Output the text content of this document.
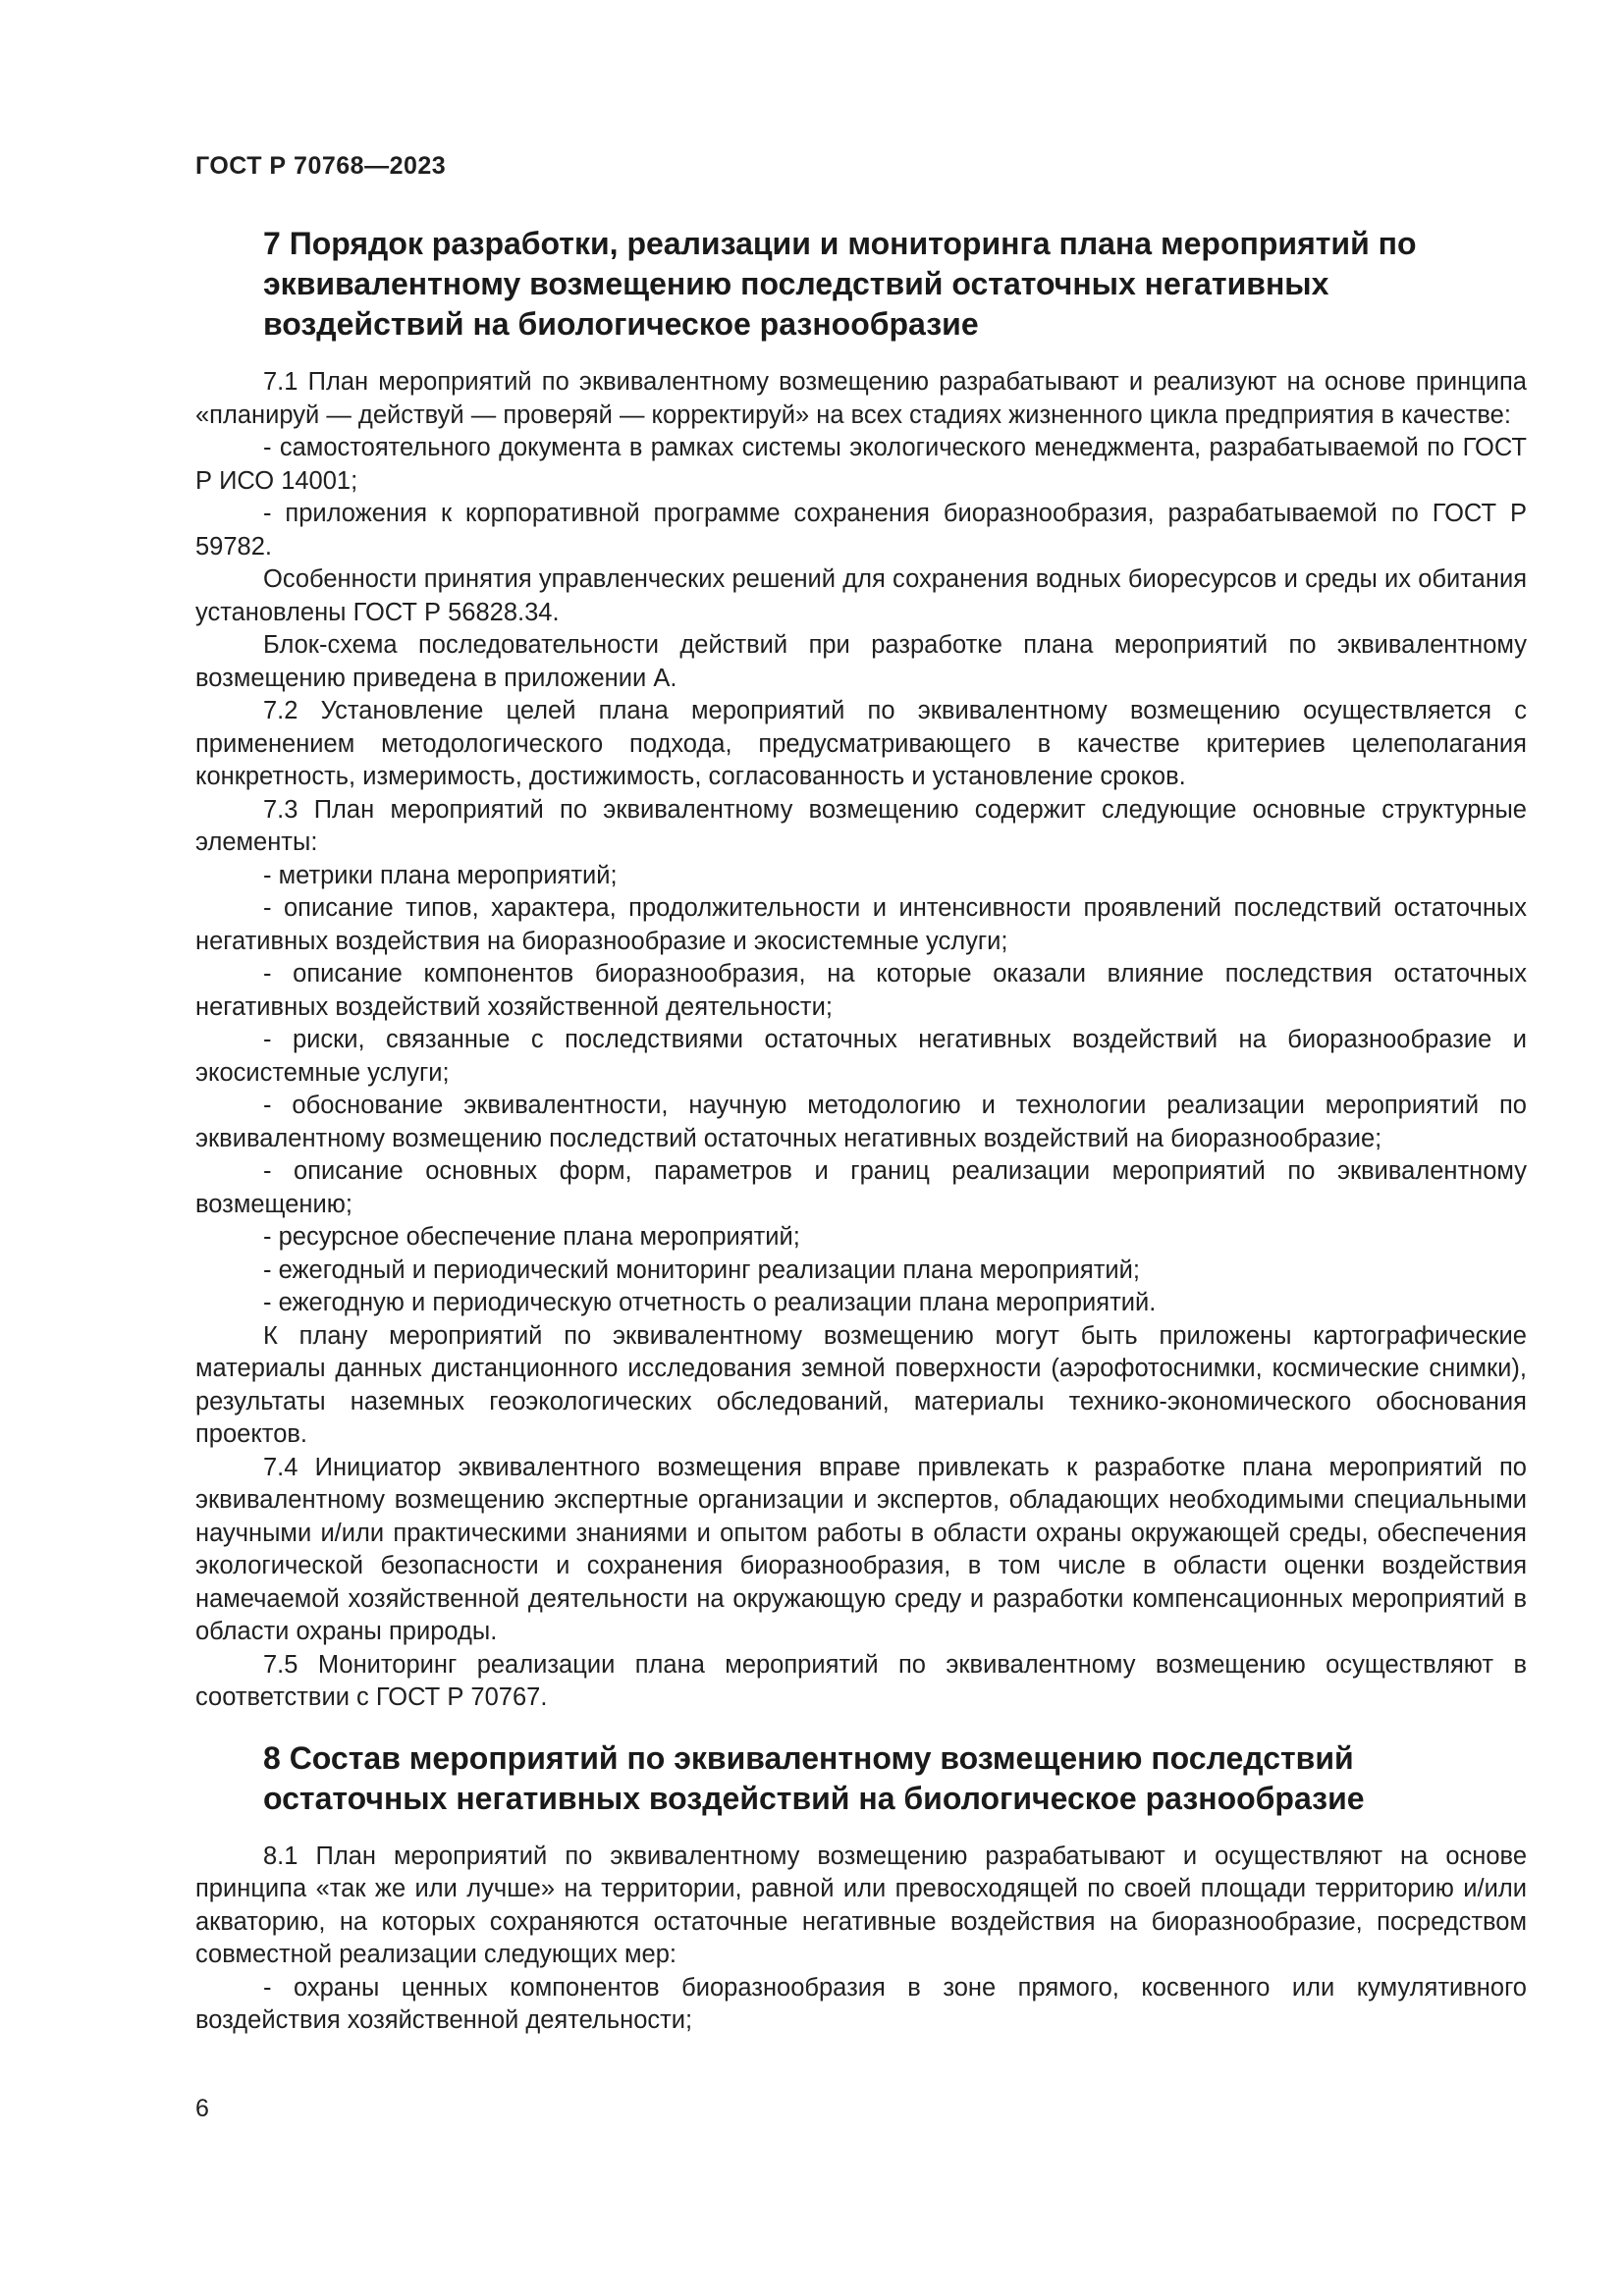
ГОСТ Р 70768—2023
7 Порядок разработки, реализации и мониторинга плана мероприятий по эквивалентному возмещению последствий остаточных негативных воздействий на биологическое разнообразие

7.1 План мероприятий по эквивалентному возмещению разрабатывают и реализуют на основе принципа «планируй — действуй — проверяй — корректируй» на всех стадиях жизненного цикла предприятия в качестве:

- самостоятельного документа в рамках системы экологического менеджмента, разрабатываемой по ГОСТ Р ИСО 14001;

- приложения к корпоративной программе сохранения биоразнообразия, разрабатываемой по ГОСТ Р 59782.

Особенности принятия управленческих решений для сохранения водных биоресурсов и среды их обитания установлены ГОСТ Р 56828.34.

Блок-схема последовательности действий при разработке плана мероприятий по эквивалентному возмещению приведена в приложении А.

7.2 Установление целей плана мероприятий по эквивалентному возмещению осуществляется с применением методологического подхода, предусматривающего в качестве критериев целеполагания конкретность, измеримость, достижимость, согласованность и установление сроков.

7.3 План мероприятий по эквивалентному возмещению содержит следующие основные структурные элементы:

- метрики плана мероприятий;

- описание типов, характера, продолжительности и интенсивности проявлений последствий остаточных негативных воздействия на биоразнообразие и экосистемные услуги;

- описание компонентов биоразнообразия, на которые оказали влияние последствия остаточных негативных воздействий хозяйственной деятельности;

- риски, связанные с последствиями остаточных негативных воздействий на биоразнообразие и экосистемные услуги;

- обоснование эквивалентности, научную методологию и технологии реализации мероприятий по эквивалентному возмещению последствий остаточных негативных воздействий на биоразнообразие;

- описание основных форм, параметров и границ реализации мероприятий по эквивалентному возмещению;

- ресурсное обеспечение плана мероприятий;

- ежегодный и периодический мониторинг реализации плана мероприятий;

- ежегодную и периодическую отчетность о реализации плана мероприятий.

К плану мероприятий по эквивалентному возмещению могут быть приложены картографические материалы данных дистанционного исследования земной поверхности (аэрофотоснимки, космические снимки), результаты наземных геоэкологических обследований, материалы технико-экономического обоснования проектов.

7.4 Инициатор эквивалентного возмещения вправе привлекать к разработке плана мероприятий по эквивалентному возмещению экспертные организации и экспертов, обладающих необходимыми специальными научными и/или практическими знаниями и опытом работы в области охраны окружающей среды, обеспечения экологической безопасности и сохранения биоразнообразия, в том числе в области оценки воздействия намечаемой хозяйственной деятельности на окружающую среду и разработки компенсационных мероприятий в области охраны природы.

7.5 Мониторинг реализации плана мероприятий по эквивалентному возмещению осуществляют в соответствии с ГОСТ Р 70767.

8 Состав мероприятий по эквивалентному возмещению последствий остаточных негативных воздействий на биологическое разнообразие

8.1 План мероприятий по эквивалентному возмещению разрабатывают и осуществляют на основе принципа «так же или лучше» на территории, равной или превосходящей по своей площади территорию и/или акваторию, на которых сохраняются остаточные негативные воздействия на биоразнообразие, посредством совместной реализации следующих мер:

- охраны ценных компонентов биоразнообразия в зоне прямого, косвенного или кумулятивного воздействия хозяйственной деятельности;

6
